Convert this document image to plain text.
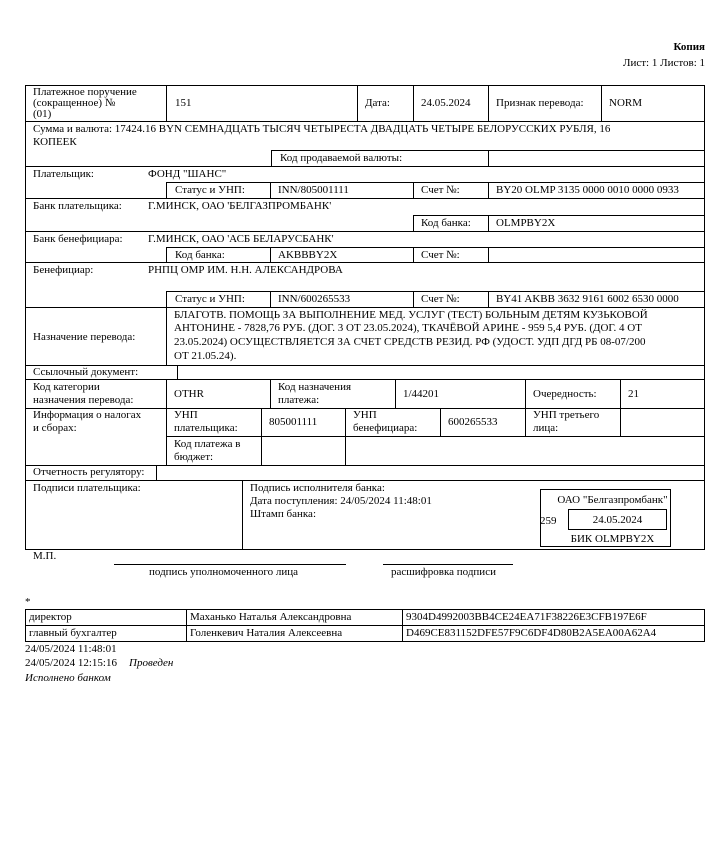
Копия
Лист: 1 Листов: 1
Платежное поручение
(сокращенное) №
(01)
151	Дата:	24.05.2024 Признак перевода: NORM
Сумма и валюта: 17424.16 BYN СЕМНАДЦАТЬ ТЫСЯЧ ЧЕТЫРЕСТА ДВАДЦАТЬ ЧЕТЫРЕ БЕЛОРУССКИХ РУБЛЯ, 16
КОПЕЕК
Код продаваемой валюты:
Плательщик:	ФОНД "ШАНС"
Статус и УНП:	INN/805001111	Счет №:	BY20 OLMP 3135 0000 0010 0000 0933
Банк плательщика: Г.МИНСК, ОАО 'БЕЛГАЗПРОМБАНК'
Код банка: OLMPBY2X
Банк бенефициара: Г.МИНСК, ОАО 'АСБ БЕЛАРУСБАНК'
Код банка:	AKBBBY2X	Счет №:
Бенефициар:	РНПЦ ОМР ИМ. Н.Н. АЛЕКСАНДРОВА
Статус и УНП:	INN/600265533	Счет №:	BY41 AKBB 3632 9161 6002 6530 0000
Назначение перевода:
БЛАГОТВ. ПОМОЩЬ ЗА ВЫПОЛНЕНИЕ МЕД. УСЛУГ (ТЕСТ) БОЛЬНЫМ ДЕТЯМ КУЗЬКОВОЙ
АНТОНИНЕ - 7828,76 РУБ. (ДОГ. 3 ОТ 23.05.2024), ТКАЧЁВОЙ АРИНЕ - 959 5,4 РУБ. (ДОГ. 4 ОТ
23.05.2024) ОСУЩЕСТВЛЯЕТСЯ ЗА СЧЕТ СРЕДСТВ РЕЗИД. РФ (УДОСТ. УДП ДГД РБ 08-07/200
ОТ 21.05.24).
Ссылочный документ:
Код категории
назначения перевода:	OTHR
Код назначения
платежа:	1/44201	Очередность:	21
Информация о налогах
и сборах:
УНП
плательщика:	805001111
УНП
бенефициара:	600265533
УНП третьего
лица:
Код платежа в
бюджет:
Отчетность регулятору:
Подписи плательщика:	Подпись исполнителя банка:
Дата поступления: 24/05/2024 11:48:01
Штамп банка:
ОАО "Белгазпромбанк"
259	24.05.2024
БИК OLMPBY2X
М.П.
подпись уполномоченного лица	расшифровка подписи
*
директор	Маханько Наталья Александровна	9304D4992003BB4CE24EA71F38226E3CFB197E6F
главный бухгалтер	Голенкевич Наталия Алексеевна	D469CE831152DFE57F9C6DF4D80B2A5EA00A62A4
24/05/2024 11:48:01
24/05/2024 12:15:16 Проведен
Исполнено банком
